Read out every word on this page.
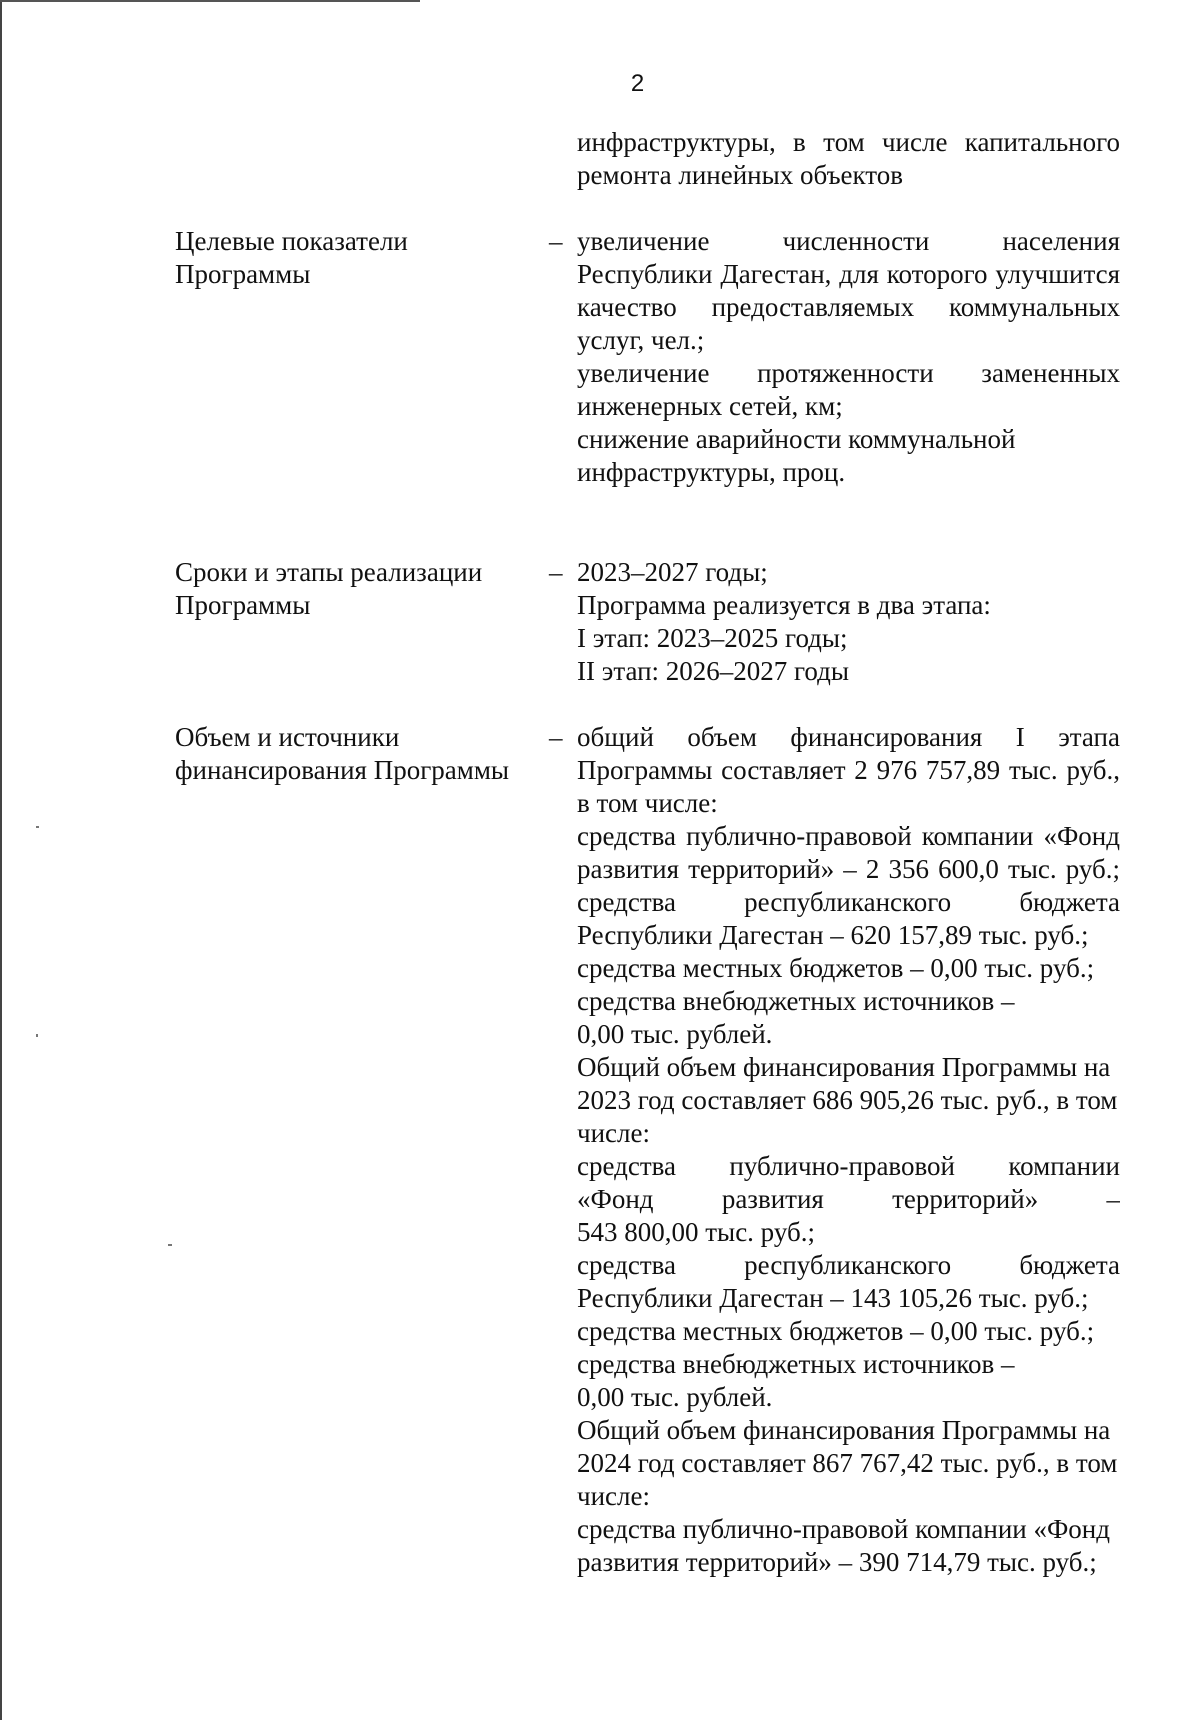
2
инфраструктуры, в том числе капитального
ремонта линейных объектов
Целевые показатели
Программы
– увеличение численности населения
Республики Дагестан, для которого улучшится
качество предоставляемых коммунальных
услуг, чел.;
увеличение протяженности замененных
инженерных сетей, км;
снижение аварийности коммунальной
инфраструктуры, проц.
Сроки и этапы реализации
Программы
– 2023–2027 годы;
Программа реализуется в два этапа:
I этап: 2023–2025 годы;
II этап: 2026–2027 годы
Объем и источники
финансирования Программы
– общий объем финансирования I этапа
Программы составляет 2 976 757,89 тыс. руб.,
в том числе:
средства публично-правовой компании «Фонд
развития территорий» – 2 356 600,0 тыс. руб.;
средства республиканского бюджета
Республики Дагестан – 620 157,89 тыс. руб.;
средства местных бюджетов – 0,00 тыс. руб.;
средства внебюджетных источников –
0,00 тыс. рублей.
Общий объем финансирования Программы на
2023 год составляет 686 905,26 тыс. руб., в том
числе:
средства публично-правовой компании
«Фонд развития территорий» –
543 800,00 тыс. руб.;
средства республиканского бюджета
Республики Дагестан – 143 105,26 тыс. руб.;
средства местных бюджетов – 0,00 тыс. руб.;
средства внебюджетных источников –
0,00 тыс. рублей.
Общий объем финансирования Программы на
2024 год составляет 867 767,42 тыс. руб., в том
числе:
средства публично-правовой компании «Фонд
развития территорий» – 390 714,79 тыс. руб.;
